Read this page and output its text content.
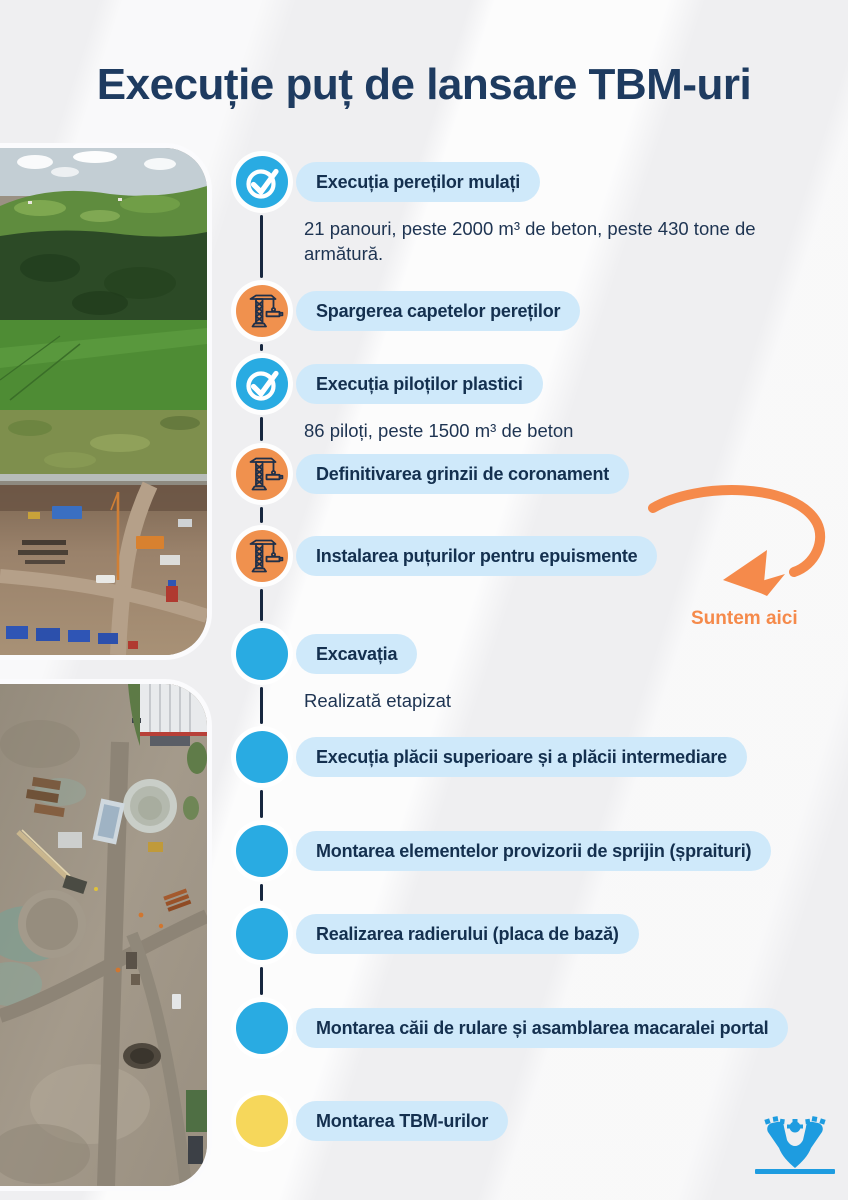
Execuție puț de lansare TBM-uri
Execuția pereților mulați
21 panouri, peste 2000 m³ de beton, peste 430 tone de armătură.
Spargerea capetelor pereților
Execuția piloților plastici
86 piloți, peste 1500 m³ de beton
Definitivarea grinzii de coronament
Instalarea puțurilor pentru epuismente
Excavația
Realizată etapizat
Execuția plăcii superioare și a plăcii intermediare
Montarea elementelor provizorii de sprijin (șpraituri)
Realizarea radierului (placa de bază)
Montarea căii de rulare și asamblarea macaralei portal
Montarea TBM-urilor
Suntem aici
